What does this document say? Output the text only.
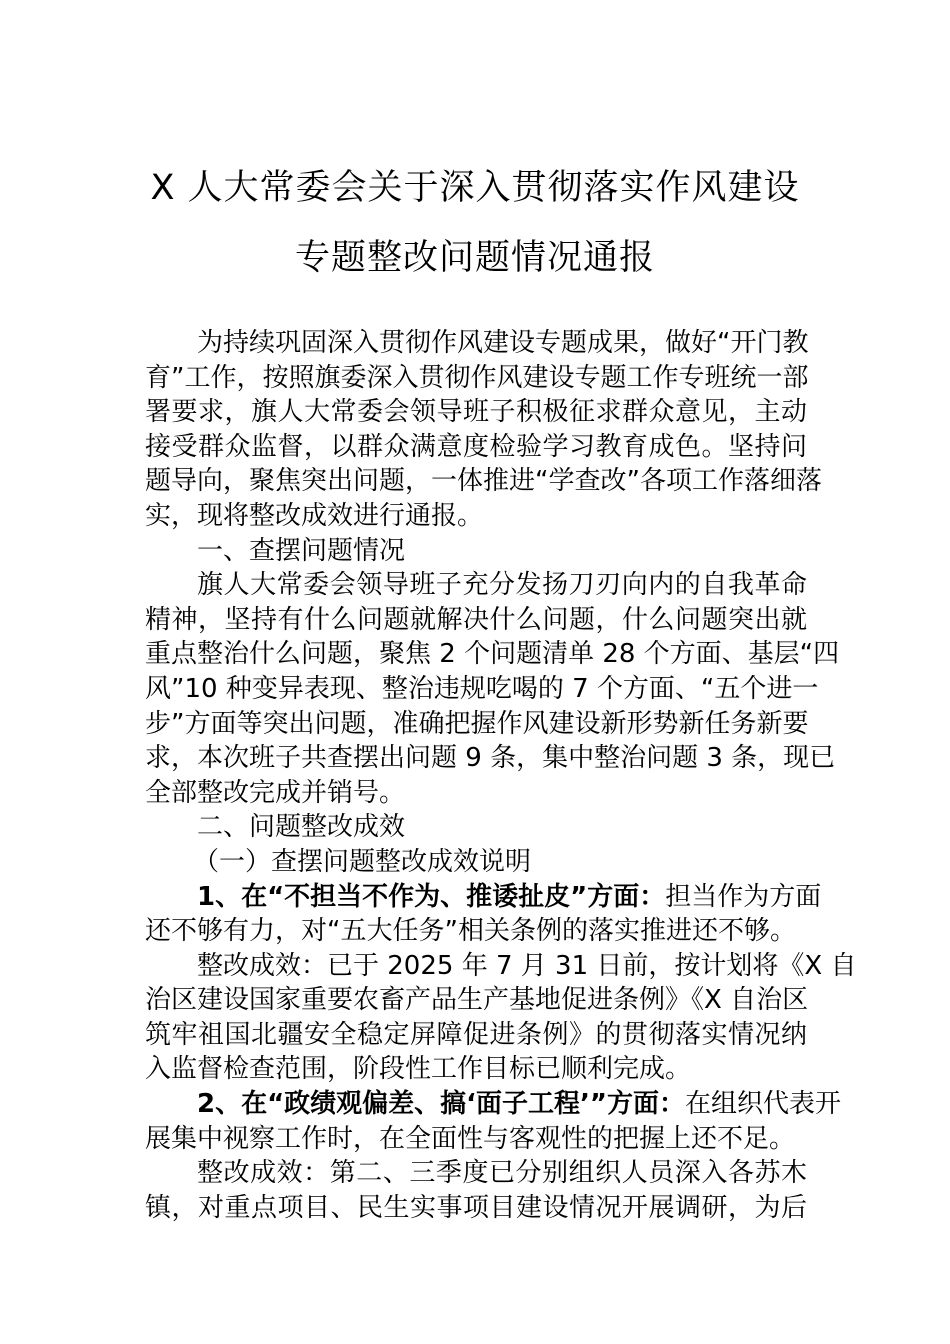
X 人大常委会关于深入贯彻落实作风建设
专题整改问题情况通报
为持续巩固深入贯彻作风建设专题成果，做好“开门教
育”工作，按照旗委深入贯彻作风建设专题工作专班统一部
署要求，旗人大常委会领导班子积极征求群众意见，主动
接受群众监督，以群众满意度检验学习教育成色。坚持问
题导向，聚焦突出问题，一体推进“学查改”各项工作落细落
实，现将整改成效进行通报。
一、查摆问题情况
旗人大常委会领导班子充分发扬刀刃向内的自我革命
精神，坚持有什么问题就解决什么问题，什么问题突出就
重点整治什么问题，聚焦 2 个问题清单 28 个方面、基层“四
风”10 种变异表现、整治违规吃喝的 7 个方面、“五个进一
步”方面等突出问题，准确把握作风建设新形势新任务新要
求，本次班子共查摆出问题 9 条，集中整治问题 3 条，现已
全部整改完成并销号。
二、问题整改成效
（一）查摆问题整改成效说明
1、在“不担当不作为、推诿扯皮”方面：担当作为方面
还不够有力，对“五大任务”相关条例的落实推进还不够。
整改成效：已于 2025 年 7 月 31 日前，按计划将《X 自
治区建设国家重要农畜产品生产基地促进条例》《X 自治区
筑牢祖国北疆安全稳定屏障促进条例》的贯彻落实情况纳
入监督检查范围，阶段性工作目标已顺利完成。
2、在“政绩观偏差、搞‘面子工程’”方面：在组织代表开
展集中视察工作时，在全面性与客观性的把握上还不足。
整改成效：第二、三季度已分别组织人员深入各苏木
镇，对重点项目、民生实事项目建设情况开展调研，为后
